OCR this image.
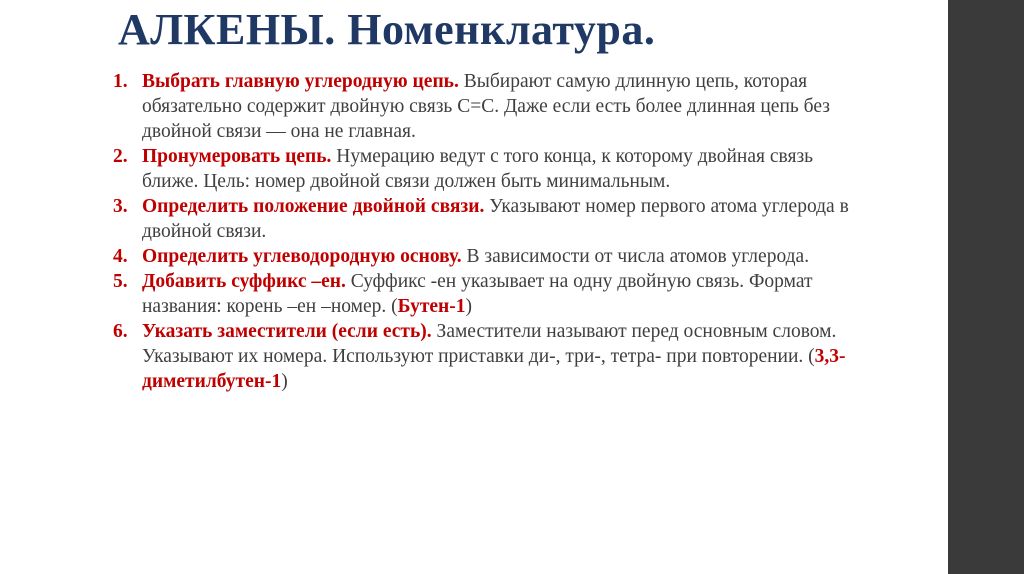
АЛКЕНЫ. Номенклатура.
1. Выбрать главную углеродную цепь. Выбирают самую длинную цепь, которая обязательно содержит двойную связь С=С. Даже если есть более длинная цепь без двойной связи — она не главная.
2. Пронумеровать цепь. Нумерацию ведут с того конца, к которому двойная связь ближе. Цель: номер двойной связи должен быть минимальным.
3. Определить положение двойной связи. Указывают номер первого атома углерода в двойной связи.
4. Определить углеводородную основу. В зависимости от числа атомов углерода.
5. Добавить суффикс –ен. Суффикс -ен указывает на одну двойную связь. Формат названия: корень –ен –номер. (Бутен-1)
6. Указать заместители (если есть). Заместители называют перед основным словом. Указывают их номера. Используют приставки ди-, три-, тетра- при повторении. (3,3-диметилбутен-1)
